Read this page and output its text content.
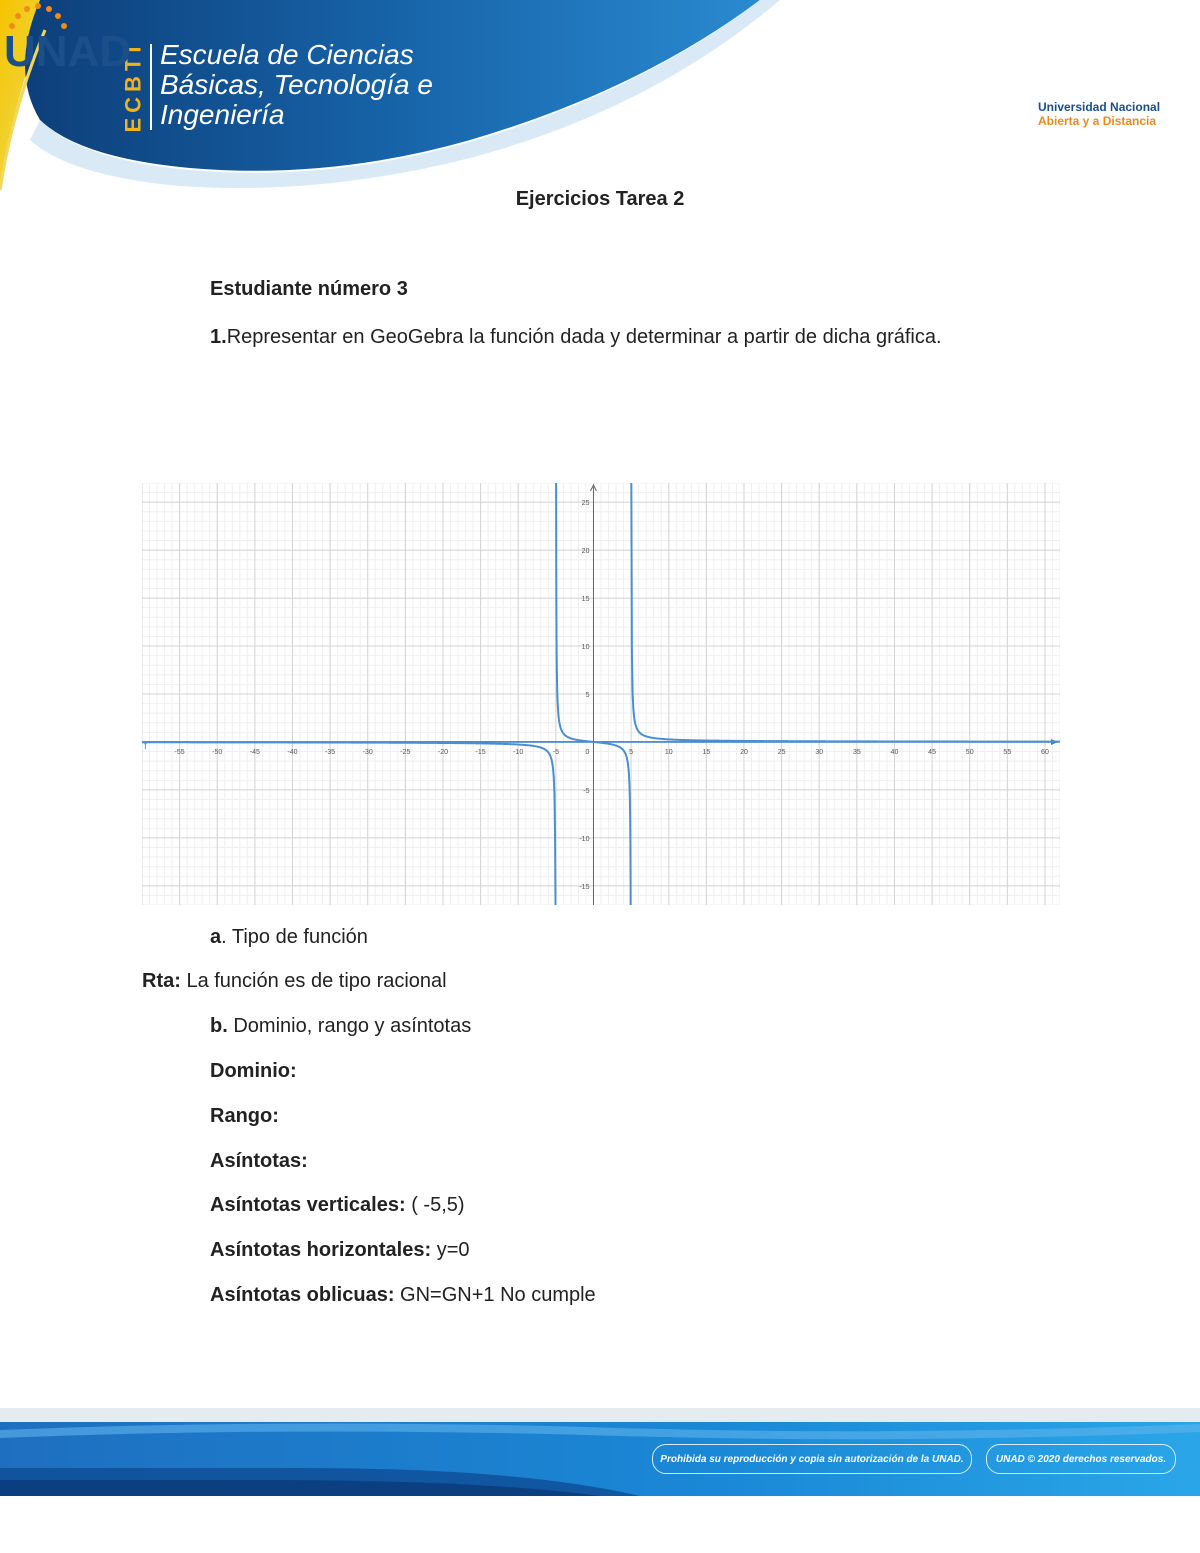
ECBTI Escuela de Ciencias
Básicas, Tecnología e
Ingeniería
UNAD
Universidad Nacional
Abierta y a Distancia
Ejercicios Tarea 2
Estudiante número 3
1.Representar en GeoGebra la función dada y determinar a partir de dicha gráfica.
-55	-50	-45	-40	-35	-30	-25	-20	-15	-10	-5	0	5	10	15	20	25	30	35	40	45	50	55	60
-15
-10
-5
5
10
15
20
25
f
a. Tipo de función
Rta: La función es de tipo racional
b. Dominio, rango y asíntotas
Dominio:
Rango:
Asíntotas:
Asíntotas verticales: ( -5,5)
Asíntotas horizontales: y=0
Asíntotas oblicuas: GN=GN+1 No cumple
Prohibida su reproducción y copia sin autorización de la UNAD.	UNAD © 2020 derechos reservados.
